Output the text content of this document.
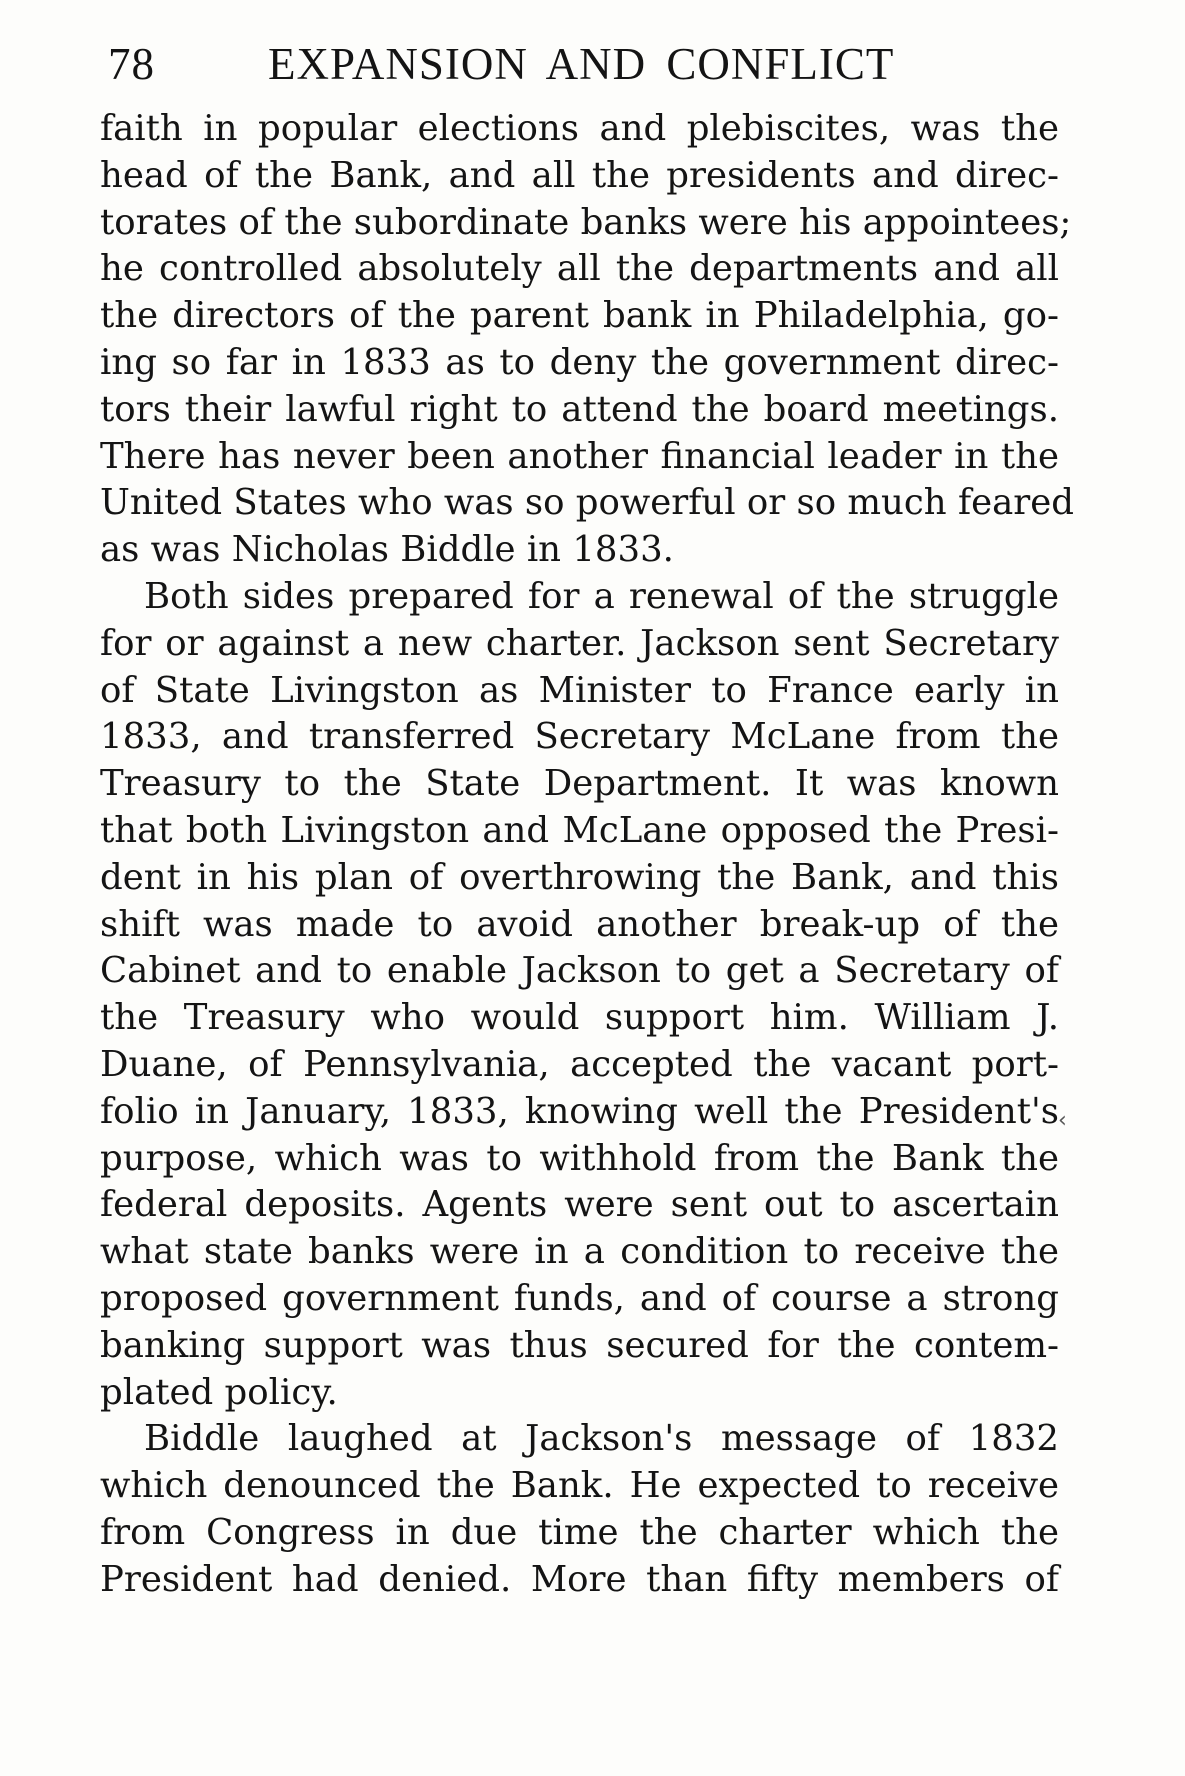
78	EXPANSION AND CONFLICT
faith in popular elections and plebiscites, was the
head of the Bank, and all the presidents and direc-
torates of the subordinate banks were his appointees;
he controlled absolutely all the departments and all
the directors of the parent bank in Philadelphia, go-
ing so far in 1833 as to deny the government direc-
tors their lawful right to attend the board meetings.
There has never been another financial leader in the
United States who was so powerful or so much feared
as was Nicholas Biddle in 1833.
Both sides prepared for a renewal of the struggle
for or against a new charter. Jackson sent Secretary
of State Livingston as Minister to France early in
1833, and transferred Secretary McLane from the
Treasury to the State Department. It was known
that both Livingston and McLane opposed the Presi-
dent in his plan of overthrowing the Bank, and this
shift was made to avoid another break-up of the
Cabinet and to enable Jackson to get a Secretary of
the Treasury who would support him. William J.
Duane, of Pennsylvania, accepted the vacant port-
folio in January, 1833, knowing well the President's
purpose, which was to withhold from the Bank the
federal deposits. Agents were sent out to ascertain
what state banks were in a condition to receive the
proposed government funds, and of course a strong
banking support was thus secured for the contem-
plated policy.
Biddle laughed at Jackson's message of 1832
which denounced the Bank. He expected to receive
from Congress in due time the charter which the
President had denied. More than fifty members of
‹
